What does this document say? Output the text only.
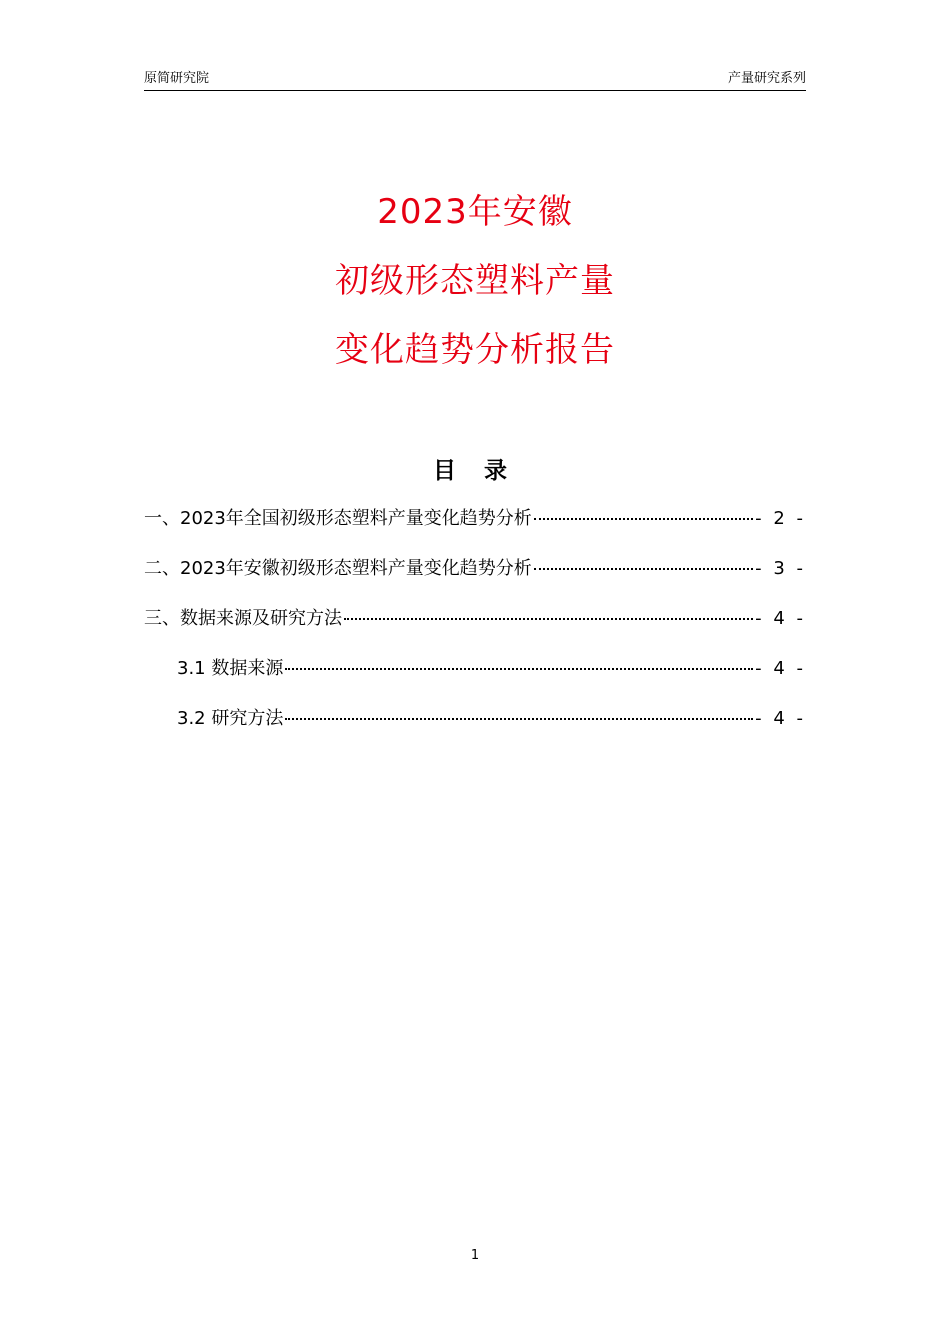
原简研究院	产量研究系列
2023年安徽
初级形态塑料产量
变化趋势分析报告
目 录
一、2023年全国初级形态塑料产量变化趋势分析	- 2 -
二、2023年安徽初级形态塑料产量变化趋势分析	- 3 -
三、数据来源及研究方法	- 4 -
3.1 数据来源	- 4 -
3.2 研究方法	- 4 -
1
